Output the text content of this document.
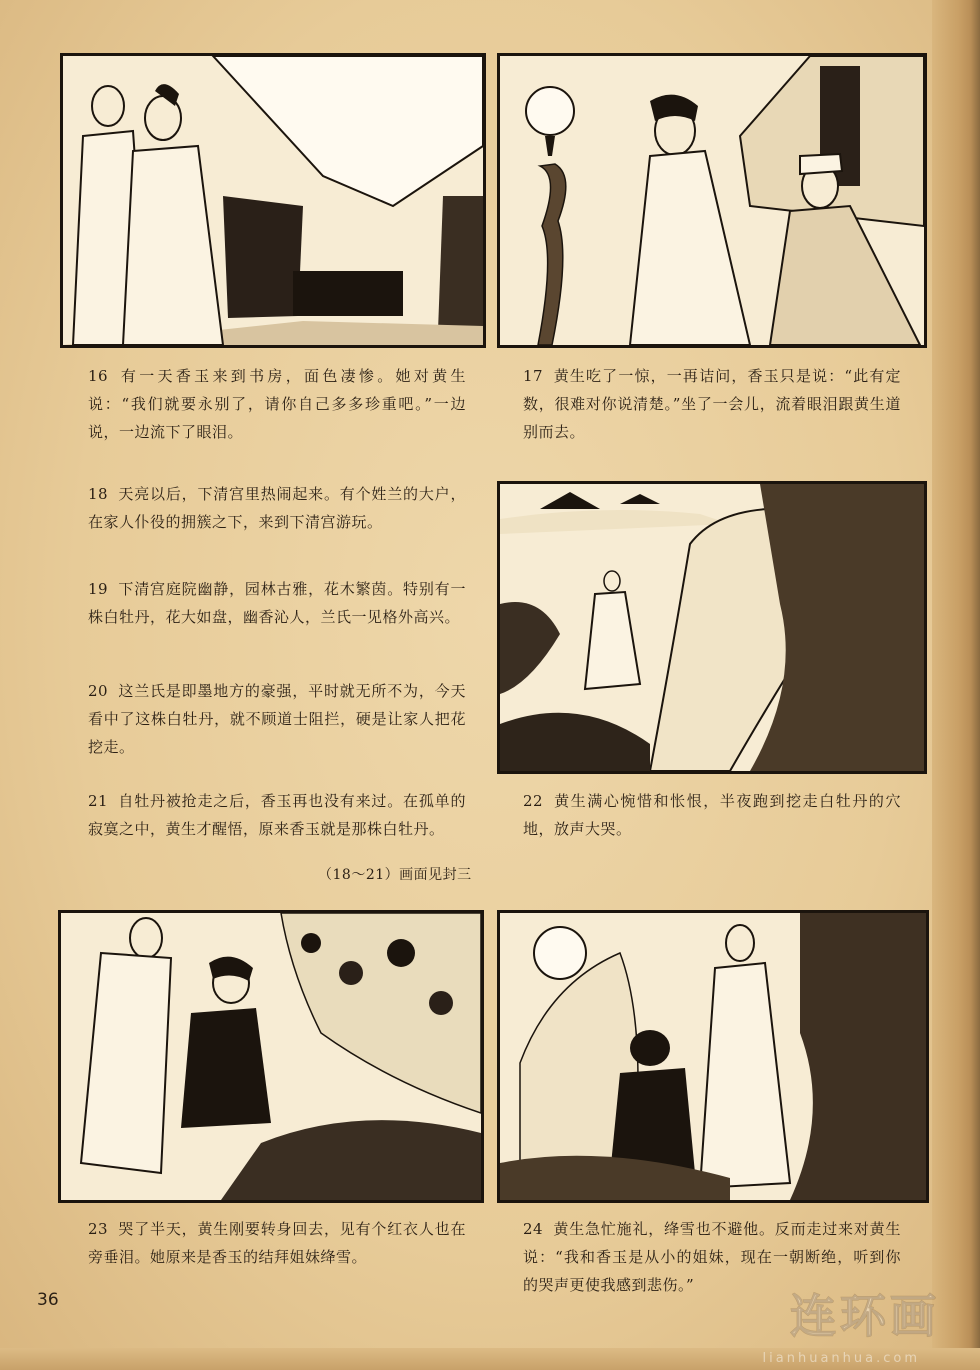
16 有一天香玉来到书房，面色凄惨。她对黄生说：“我们就要永别了，请你自己多多珍重吧。”一边说，一边流下了眼泪。
17 黄生吃了一惊，一再诘问，香玉只是说：“此有定数，很难对你说清楚。”坐了一会儿，流着眼泪跟黄生道别而去。
18 天亮以后，下清宫里热闹起来。有个姓兰的大户，在家人仆役的拥簇之下，来到下清宫游玩。
19 下清宫庭院幽静，园林古雅，花木繁茵。特别有一株白牡丹，花大如盘，幽香沁人，兰氏一见格外高兴。
20 这兰氏是即墨地方的豪强，平时就无所不为，今天看中了这株白牡丹，就不顾道士阻拦，硬是让家人把花挖走。
21 自牡丹被抢走之后，香玉再也没有来过。在孤单的寂寞之中，黄生才醒悟，原来香玉就是那株白牡丹。
（18～21）画面见封三
22 黄生满心惋惜和怅恨，半夜跑到挖走白牡丹的穴地，放声大哭。
23 哭了半天，黄生刚要转身回去，见有个红衣人也在旁垂泪。她原来是香玉的结拜姐妹绛雪。
24 黄生急忙施礼，绛雪也不避他。反而走过来对黄生说：“我和香玉是从小的姐妹，现在一朝断绝，听到你的哭声更使我感到悲伤。”
36	连环画
lianhuanhua.com
